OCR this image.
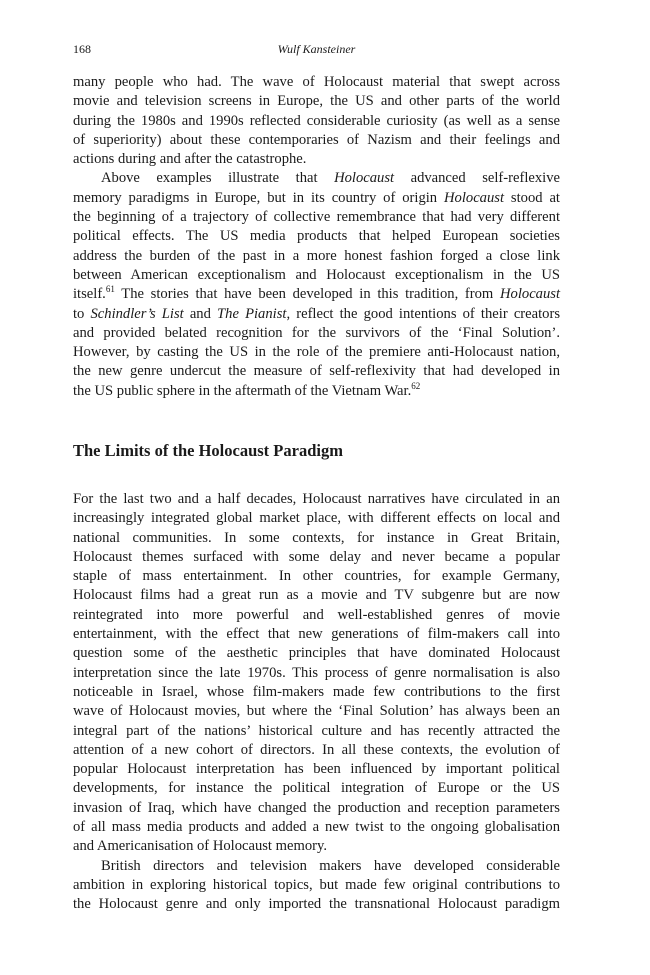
168	Wulf Kansteiner
many people who had. The wave of Holocaust material that swept across
movie and television screens in Europe, the US and other parts of the world
during the 1980s and 1990s reflected considerable curiosity (as well as a sense
of superiority) about these contemporaries of Nazism and their feelings and
actions during and after the catastrophe.
Above examples illustrate that Holocaust advanced self-reflexive
memory paradigms in Europe, but in its country of origin Holocaust stood at
the beginning of a trajectory of collective remembrance that had very different
political effects. The US media products that helped European societies
address the burden of the past in a more honest fashion forged a close link
between American exceptionalism and Holocaust exceptionalism in the US
itself.$^{61}$ The stories that have been developed in this tradition, from Holocaust
to Schindler’s List and The Pianist, reflect the good intentions of their creators
and provided belated recognition for the survivors of the ‘Final Solution’.
However, by casting the US in the role of the premiere anti-Holocaust nation,
the new genre undercut the measure of self-reflexivity that had developed in
the US public sphere in the aftermath of the Vietnam War.$^{62}$
The Limits of the Holocaust Paradigm
For the last two and a half decades, Holocaust narratives have circulated in an
increasingly integrated global market place, with different effects on local and
national communities. In some contexts, for instance in Great Britain,
Holocaust themes surfaced with some delay and never became a popular
staple of mass entertainment. In other countries, for example Germany,
Holocaust films had a great run as a movie and TV subgenre but are now
reintegrated into more powerful and well-established genres of movie
entertainment, with the effect that new generations of film-makers call into
question some of the aesthetic principles that have dominated Holocaust
interpretation since the late 1970s. This process of genre normalisation is also
noticeable in Israel, whose film-makers made few contributions to the first
wave of Holocaust movies, but where the ‘Final Solution’ has always been an
integral part of the nations’ historical culture and has recently attracted the
attention of a new cohort of directors. In all these contexts, the evolution of
popular Holocaust interpretation has been influenced by important political
developments, for instance the political integration of Europe or the US
invasion of Iraq, which have changed the production and reception parameters
of all mass media products and added a new twist to the ongoing globalisation
and Americanisation of Holocaust memory.
British directors and television makers have developed considerable
ambition in exploring historical topics, but made few original contributions to
the Holocaust genre and only imported the transnational Holocaust paradigm
